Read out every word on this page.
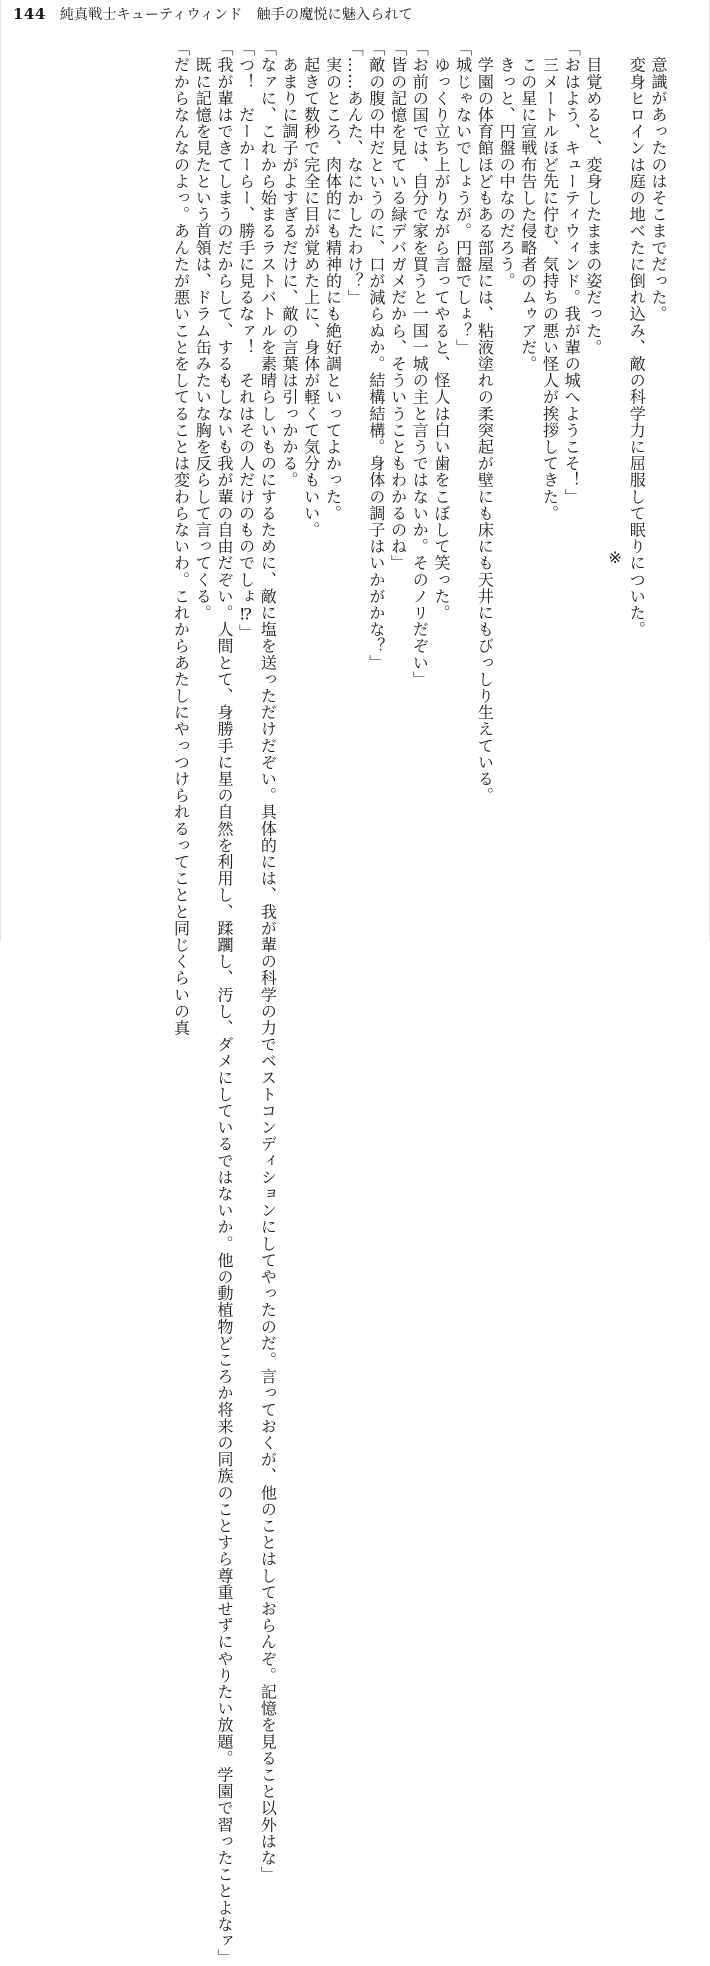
144 純真戦士キューティウィンド　触手の魔悦に魅入られて
　意識があったのはそこまでだった。
　変身ヒロインは庭の地べたに倒れ込み、敵の科学力に屈服して眠りについた。
※
　目覚めると、変身したままの姿だった。
「おはよう、キューティウィンド。我が輩の城へようこそ！」
　三メートルほど先に佇む、気持ちの悪い怪人が挨拶してきた。
　この星に宣戦布告した侵略者のムゥアだ。
　きっと、円盤の中なのだろう。
　学園の体育館ほどもある部屋には、粘液塗れの柔突起が壁にも床にも天井にもびっしり生えている。
「城じゃないでしょうが。円盤でしょ？」
　ゆっくり立ち上がりながら言ってやると、怪人は白い歯をこぼして笑った。
「お前の国では、自分で家を買うと一国一城の主と言うではないか。そのノリだぞい」
「皆の記憶を見ている緑デバガメだから、そういうこともわかるのね」
「敵の腹の中だというのに、口が減らぬか。結構結構。身体の調子はいかがかな？」
「……あんた、なにかしたわけ？」
　実のところ、肉体的にも精神的にも絶好調といってよかった。
　起きて数秒で完全に目が覚めた上に、身体が軽くて気分もいい。
　あまりに調子がよすぎるだけに、敵の言葉は引っかかる。
「なァに、これから始まるラストバトルを素晴らしいものにするために、敵に塩を送っただけだぞい。具体的には、我が輩の科学の力でベストコンディションにしてやったのだ。言っておくが、他のことはしておらんぞ。記憶を見ること以外はな」
「つ！　だーかーらー、勝手に見るなァ！　それはその人だけのものでしょ⁉」
「我が輩はできてしまうのだからして、するもしないも我が輩の自由だぞい。人間とて、身勝手に星の自然を利用し、蹂躙し、汚し、ダメにしているではないか。他の動植物どころか将来の同族のことすら尊重せずにやりたい放題。学園で習ったことよなァ」
　既に記憶を見たという首領は、ドラム缶みたいな胸を反らして言ってくる。
「だからなんなのよっ。あんたが悪いことをしてることは変わらないわ。これからあたしにやっつけられるってことと同じくらいの真
